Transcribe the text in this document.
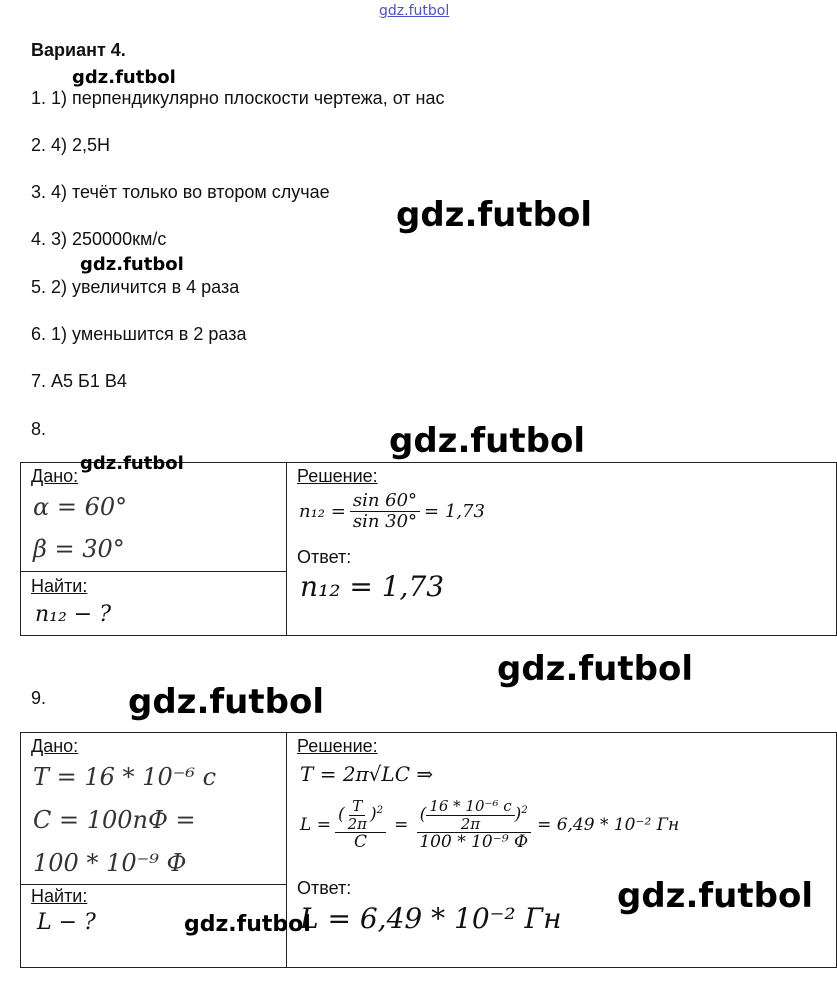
gdz.futbol
Вариант 4.
1. 1) перпендикулярно плоскости чертежа, от нас
2. 4) 2,5Н
3. 4) течёт только во втором случае
4. 3) 250000км/с
5. 2) увеличится в 4 раза
6. 1) уменьшится в 2 раза
7. А5 Б1 В4
8.
Дано:
α = 60°
β = 30°
Найти:
n₁₂ − ?
Решение:
$n_{12} = \frac{\sin 60^\circ}{\sin 30^\circ} = 1,73$
Ответ:
n₁₂ = 1,73
9.
Дано:
T = 16 * 10⁻⁶ c
C = 100nФ =
100 * 10⁻⁹ Ф
Найти:
L − ?
Решение:
T = 2π√LC ⇒
$L = \frac{( \frac{T}{2\pi} )^2}{C} = \frac{( \frac{\text{16 * 10⁻⁶ c}}{2\pi} )^2}{\text{100 * 10⁻⁹ Ф}} = 6,49 * 10^{-2}$ Гн
Ответ:
L = 6,49 * 10⁻² Гн
gdz.futbol
gdz.futbol
gdz.futbol
gdz.futbol
gdz.futbol
gdz.futbol
gdz.futbol
gdz.futbol
gdz.futbol
